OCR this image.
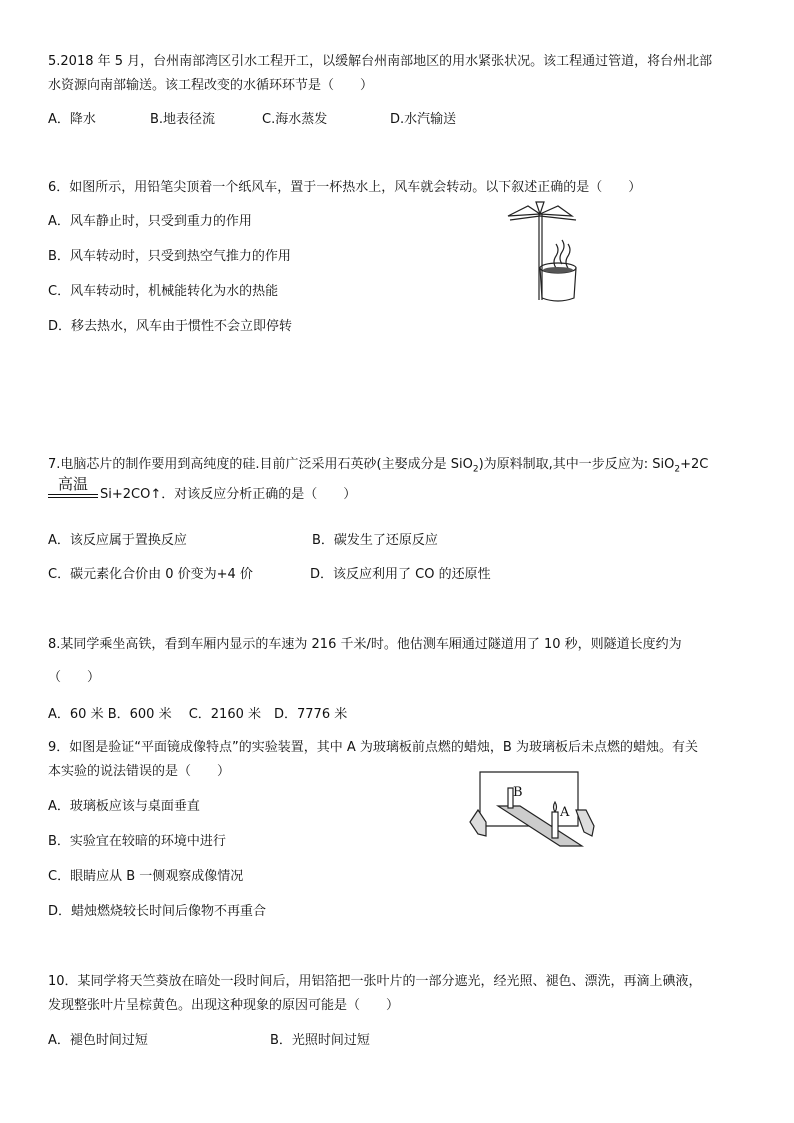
5.2018 年 5 月，台州南部湾区引水工程开工，以缓解台州南部地区的用水紧张状况。该工程通过管道，将台州北部
水资源向南部输送。该工程改变的水循环环节是（　　）
A．降水	B.地表径流	C.海水蒸发	D.水汽输送
6．如图所示，用铅笔尖顶着一个纸风车，置于一杯热水上，风车就会转动。以下叙述正确的是（　　）
A．风车静止时，只受到重力的作用
B．风车转动时，只受到热空气推力的作用
C．风车转动时，机械能转化为水的热能
D．移去热水，风车由于惯性不会立即停转
7.电脑芯片的制作要用到高纯度的硅.目前广泛采用石英砂(主娶成分是 SiO$_2$)为原料制取,其中一步反应为: SiO$_2$+2C
高温
Si+2CO↑．对该反应分析正确的是（　　）
A．该反应属于置换反应	B．碳发生了还原反应
C．碳元素化合价由 0 价变为+4 价	D．该反应利用了 CO 的还原性
8.某同学乘坐高铁，看到车厢内显示的车速为 216 千米/时。他估测车厢通过隧道用了 10 秒，则隧道长度约为
（　　）
A．60 米 B．600 米　 C．2160 米　D．7776 米
9．如图是验证“平面镜成像特点”的实验装置，其中 A 为玻璃板前点燃的蜡烛，B 为玻璃板后未点燃的蜡烛。有关
本实验的说法错误的是（　　）
A．玻璃板应该与桌面垂直
B．实验宜在较暗的环境中进行
C．眼睛应从 B 一侧观察成像情况
D．蜡烛燃烧较长时间后像物不再重合
B
A
10．某同学将天竺葵放在暗处一段时间后，用铝箔把一张叶片的一部分遮光，经光照、褪色、漂洗，再滴上碘液，
发现整张叶片呈棕黄色。出现这种现象的原因可能是（　　）
A．褪色时间过短	B．光照时间过短
